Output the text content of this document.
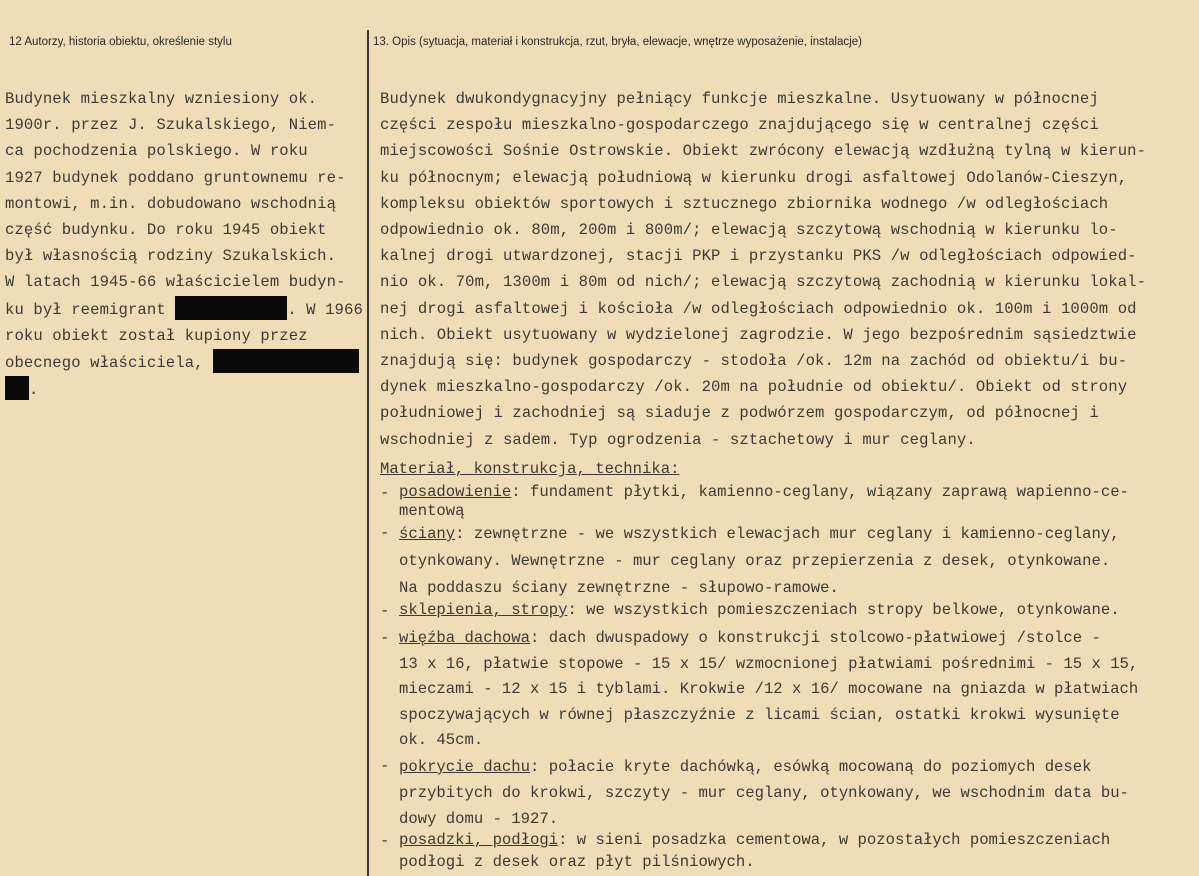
12 Autorzy, historia obiektu, określenie stylu	13. Opis (sytuacja, materiał i konstrukcja, rzut, bryła, elewacje, wnętrze wyposażenie, instalacje)
Budynek mieszkalny wzniesiony ok.
1900r. przez J. Szukalskiego, Niem-
ca pochodzenia polskiego. W roku
1927 budynek poddano gruntownemu re-
montowi, m.in. dobudowano wschodnią
część budynku. Do roku 1945 obiekt
był własnością rodziny Szukalskich.
W latach 1945-66 właścicielem budyn-
ku był reemigrant	. W 1966
roku obiekt został kupiony przez
obecnego właściciela,
.
Budynek dwukondygnacyjny pełniący funkcje mieszkalne. Usytuowany w północnej
części zespołu mieszkalno-gospodarczego znajdującego się w centralnej części
miejscowości Sośnie Ostrowskie. Obiekt zwrócony elewacją wzdłużną tylną w kierun-
ku północnym; elewacją południową w kierunku drogi asfaltowej Odolanów-Cieszyn,
kompleksu obiektów sportowych i sztucznego zbiornika wodnego /w odległościach
odpowiednio ok. 80m, 200m i 800m/; elewacją szczytową wschodnią w kierunku lo-
kalnej drogi utwardzonej, stacji PKP i przystanku PKS /w odległościach odpowied-
nio ok. 70m, 1300m i 80m od nich/; elewacją szczytową zachodnią w kierunku lokal-
nej drogi asfaltowej i kościoła /w odległościach odpowiednio ok. 100m i 1000m od
nich. Obiekt usytuowany w wydzielonej zagrodzie. W jego bezpośrednim sąsiedztwie
znajdują się: budynek gospodarczy - stodoła /ok. 12m na zachód od obiektu/i bu-
dynek mieszkalno-gospodarczy /ok. 20m na południe od obiektu/. Obiekt od strony
południowej i zachodniej są siaduje z podwórzem gospodarczym, od północnej i
wschodniej z sadem. Typ ogrodzenia - sztachetowy i mur ceglany.
Materiał, konstrukcja, technika:
- posadowienie: fundament płytki, kamienno-ceglany, wiązany zaprawą wapienno-ce-
mentową
- ściany: zewnętrzne - we wszystkich elewacjach mur ceglany i kamienno-ceglany,
otynkowany. Wewnętrzne - mur ceglany oraz przepierzenia z desek, otynkowane.
Na poddaszu ściany zewnętrzne - słupowo-ramowe.
- sklepienia, stropy: we wszystkich pomieszczeniach stropy belkowe, otynkowane.
- więźba dachowa: dach dwuspadowy o konstrukcji stolcowo-płatwiowej /stolce -
13 x 16, płatwie stopowe - 15 x 15/ wzmocnionej płatwiami pośrednimi - 15 x 15,
mieczami - 12 x 15 i tyblami. Krokwie /12 x 16/ mocowane na gniazda w płatwiach
spoczywających w równej płaszczyźnie z licami ścian, ostatki krokwi wysunięte
ok. 45cm.
- pokrycie dachu: połacie kryte dachówką, esówką mocowaną do poziomych desek
przybitych do krokwi, szczyty - mur ceglany, otynkowany, we wschodnim data bu-
dowy domu - 1927.
- posadzki, podłogi: w sieni posadzka cementowa, w pozostałych pomieszczeniach
podłogi z desek oraz płyt pilśniowych.
